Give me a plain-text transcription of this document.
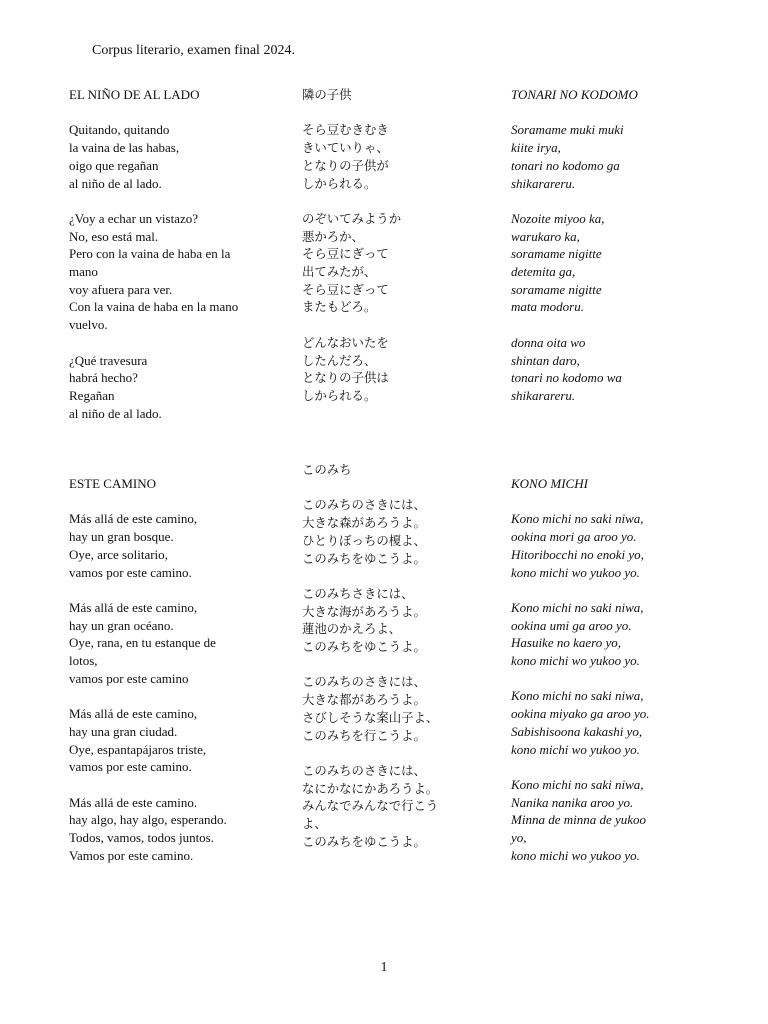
Corpus literario, examen final 2024.
EL NIÑO DE AL LADO
Quitando, quitando
la vaina de las habas,
oigo que regañan
al niño de al lado.
¿Voy a echar un vistazo?
No, eso está mal.
Pero con la vaina de haba en la
mano
voy afuera para ver.
Con la vaina de haba en la mano
vuelvo.
¿Qué travesura
habrá hecho?
Regañan
al niño de al lado.
隣の子供
そら豆むきむき
きいていりゃ、
となりの子供が
しかられる。
のぞいてみようか
悪かろか、
そら豆にぎって
出てみたが、
そら豆にぎって
またもどろ。
どんなおいたを
したんだろ、
となりの子供は
しかられる。
TONARI NO KODOMO
Soramame muki muki
kiite irya,
tonari no kodomo ga
shikarareru.
Nozoite miyoo ka,
warukaro ka,
soramame nigitte
detemita ga,
soramame nigitte
mata modoru.
donna oita wo
shintan daro,
tonari no kodomo wa
shikarareru.
ESTE CAMINO
Más allá de este camino,
hay un gran bosque.
Oye, arce solitario,
vamos por este camino.
Más allá de este camino,
hay un gran océano.
Oye, rana, en tu estanque de
lotos,
vamos por este camino
Más allá de este camino,
hay una gran ciudad.
Oye, espantapájaros triste,
vamos por este camino.
Más allá de este camino.
hay algo, hay algo, esperando.
Todos, vamos, todos juntos.
Vamos por este camino.
このみち
このみちのさきには、
大きな森があろうよ。
ひとりぼっちの榎よ、
このみちをゆこうよ。
このみちさきには、
大きな海があろうよ。
蓮池のかえろよ、
このみちをゆこうよ。
このみちのさきには、
大きな都があろうよ。
さびしそうな案山子よ、
このみちを行こうよ。
このみちのさきには、
なにかなにかあろうよ。
みんなでみんなで行こう
よ、
このみちをゆこうよ。
KONO MICHI
Kono michi no saki niwa,
ookina mori ga aroo yo.
Hitoribocchi no enoki yo,
kono michi wo yukoo yo.
Kono michi no saki niwa,
ookina umi ga aroo yo.
Hasuike no kaero yo,
kono michi wo yukoo yo.
Kono michi no saki niwa,
ookina miyako ga aroo yo.
Sabishisoona kakashi yo,
kono michi wo yukoo yo.
Kono michi no saki niwa,
Nanika nanika aroo yo.
Minna de minna de yukoo
yo,
kono michi wo yukoo yo.
1
